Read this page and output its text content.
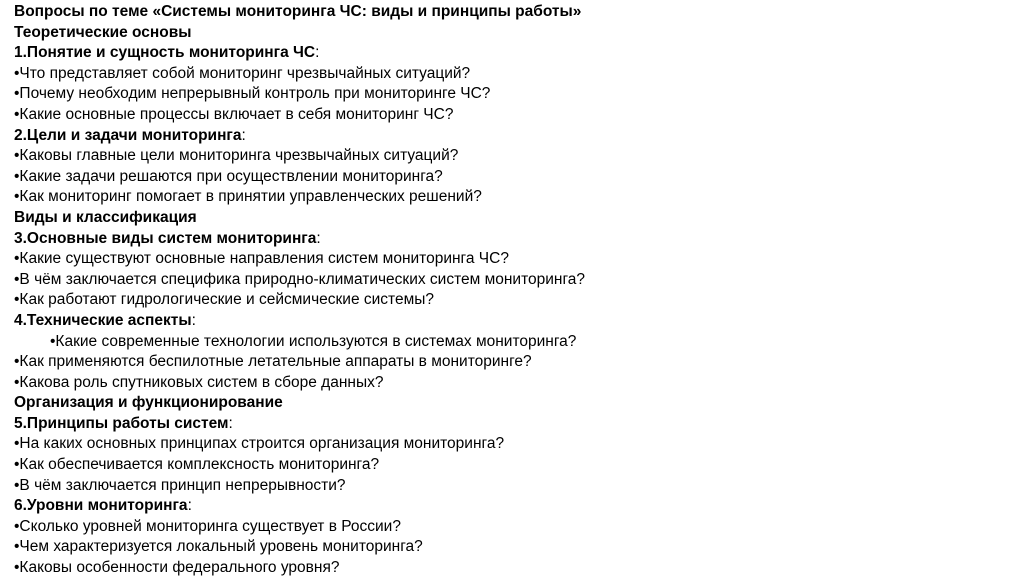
Вопросы по теме «Системы мониторинга ЧС: виды и принципы работы»
Теоретические основы
1.Понятие и сущность мониторинга ЧС:
•Что представляет собой мониторинг чрезвычайных ситуаций?
•Почему необходим непрерывный контроль при мониторинге ЧС?
•Какие основные процессы включает в себя мониторинг ЧС?
2.Цели и задачи мониторинга:
•Каковы главные цели мониторинга чрезвычайных ситуаций?
•Какие задачи решаются при осуществлении мониторинга?
•Как мониторинг помогает в принятии управленческих решений?
Виды и классификация
3.Основные виды систем мониторинга:
•Какие существуют основные направления систем мониторинга ЧС?
•В чём заключается специфика природно-климатических систем мониторинга?
•Как работают гидрологические и сейсмические системы?
4.Технические аспекты:
•Какие современные технологии используются в системах мониторинга?
•Как применяются беспилотные летательные аппараты в мониторинге?
•Какова роль спутниковых систем в сборе данных?
Организация и функционирование
5.Принципы работы систем:
•На каких основных принципах строится организация мониторинга?
•Как обеспечивается комплексность мониторинга?
•В чём заключается принцип непрерывности?
6.Уровни мониторинга:
•Сколько уровней мониторинга существует в России?
•Чем характеризуется локальный уровень мониторинга?
•Каковы особенности федерального уровня?
